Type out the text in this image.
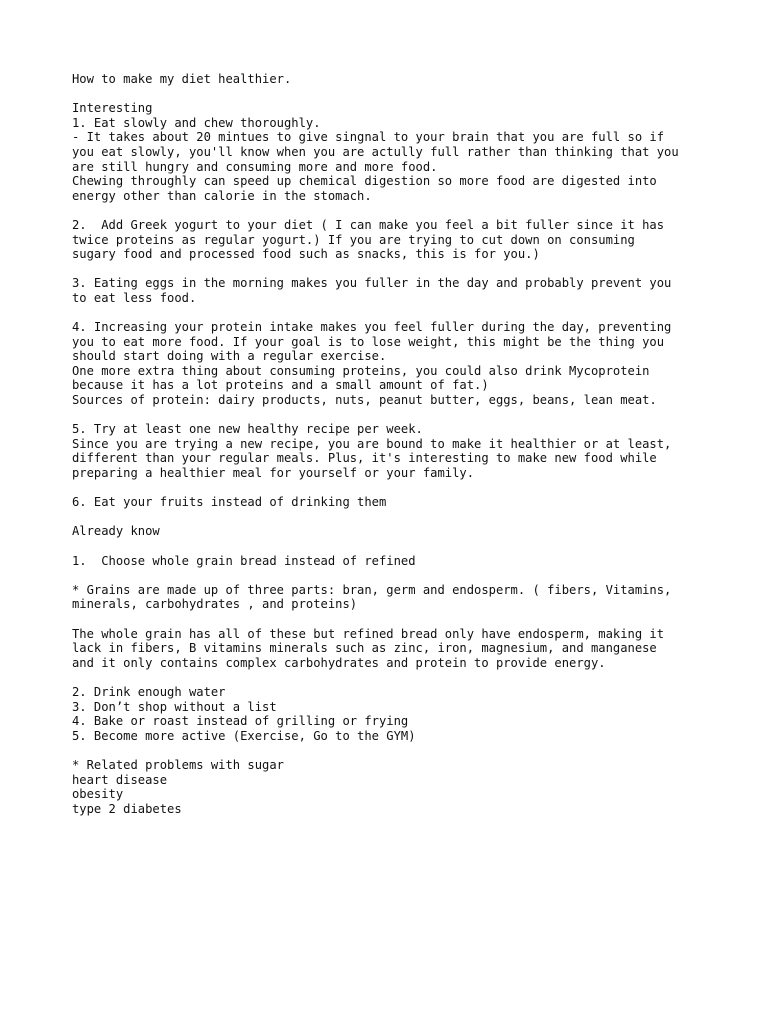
How to make my diet healthier.
Interesting
1. Eat slowly and chew thoroughly.
- It takes about 20 mintues to give singnal to your brain that you are full so if
you eat slowly, you'll know when you are actully full rather than thinking that you
are still hungry and consuming more and more food.
Chewing throughly can speed up chemical digestion so more food are digested into
energy other than calorie in the stomach.
2.  Add Greek yogurt to your diet ( I can make you feel a bit fuller since it has
twice proteins as regular yogurt.) If you are trying to cut down on consuming
sugary food and processed food such as snacks, this is for you.)
3. Eating eggs in the morning makes you fuller in the day and probably prevent you
to eat less food.
4. Increasing your protein intake makes you feel fuller during the day, preventing
you to eat more food. If your goal is to lose weight, this might be the thing you
should start doing with a regular exercise.
One more extra thing about consuming proteins, you could also drink Mycoprotein
because it has a lot proteins and a small amount of fat.)
Sources of protein: dairy products, nuts, peanut butter, eggs, beans, lean meat.
5. Try at least one new healthy recipe per week.
Since you are trying a new recipe, you are bound to make it healthier or at least,
different than your regular meals. Plus, it's interesting to make new food while
preparing a healthier meal for yourself or your family.
6. Eat your fruits instead of drinking them
Already know
1.  Choose whole grain bread instead of refined
* Grains are made up of three parts: bran, germ and endosperm. ( fibers, Vitamins,
minerals, carbohydrates , and proteins)
The whole grain has all of these but refined bread only have endosperm, making it
lack in fibers, B vitamins minerals such as zinc, iron, magnesium, and manganese
and it only contains complex carbohydrates and protein to provide energy.
2. Drink enough water
3. Don’t shop without a list
4. Bake or roast instead of grilling or frying
5. Become more active (Exercise, Go to the GYM)
* Related problems with sugar
heart disease
obesity
type 2 diabetes
